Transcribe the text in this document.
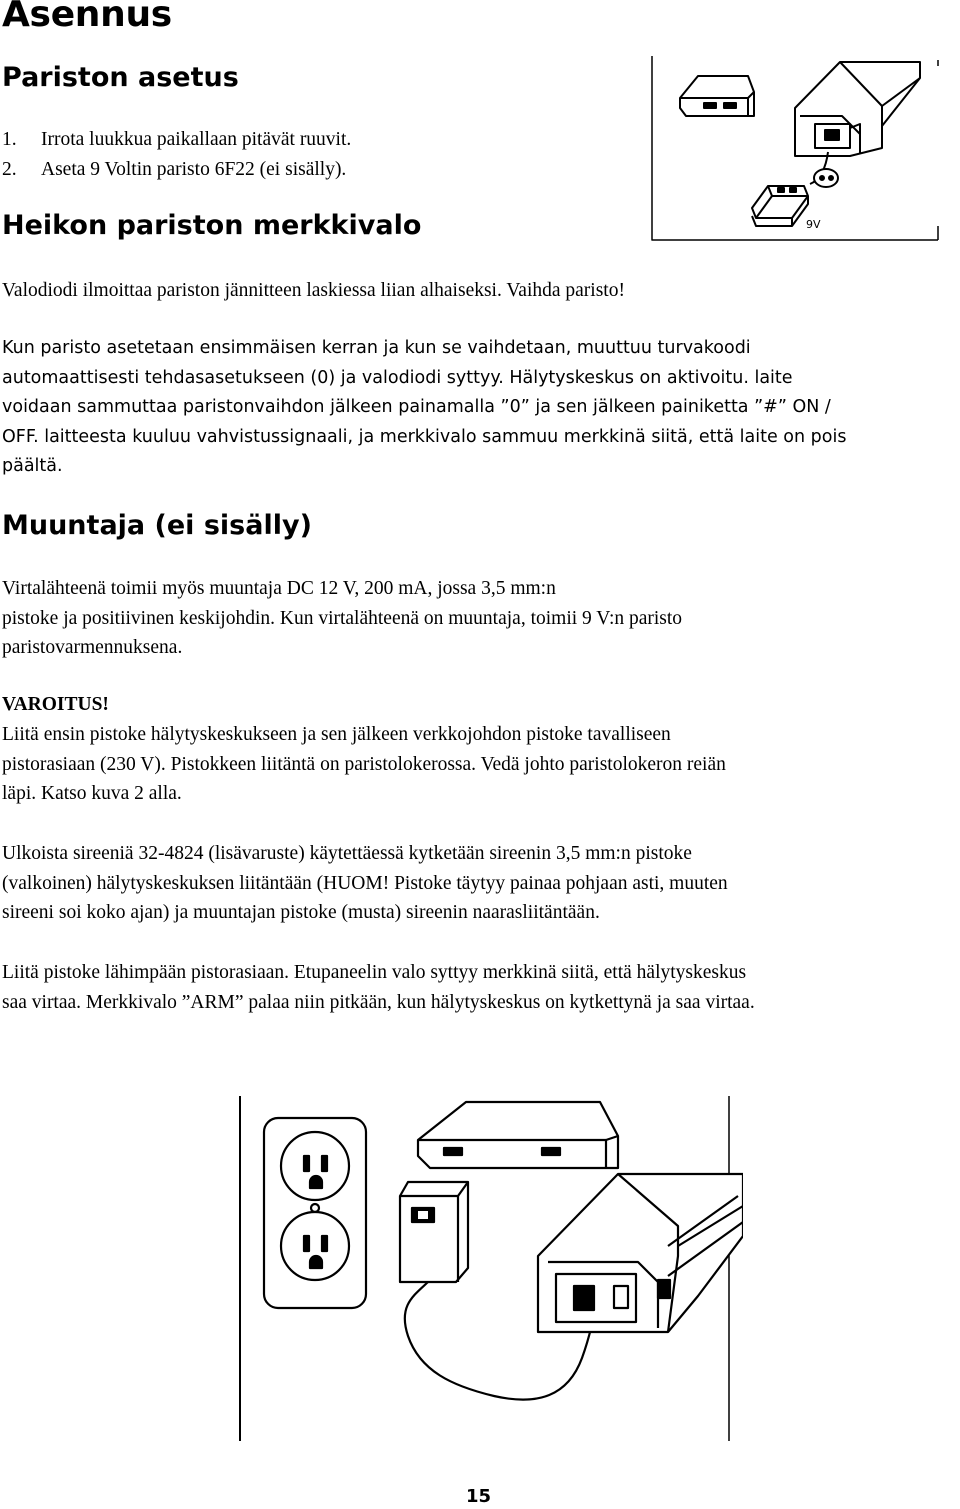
Asennus
Pariston asetus
1. Irrota luukkua paikallaan pitävät ruuvit.
2. Aseta 9 Voltin paristo 6F22 (ei sisälly).
Heikon pariston merkkivalo
Valodiodi ilmoittaa pariston jännitteen laskiessa liian alhaiseksi. Vaihda paristo!
Kun paristo asetetaan ensimmäisen kerran ja kun se vaihdetaan, muuttuu turvakoodi
automaattisesti tehdasasetukseen (0) ja valodiodi syttyy. Hälytyskeskus on aktivoitu. laite
voidaan sammuttaa paristonvaihdon jälkeen painamalla ”0” ja sen jälkeen painiketta ”#” ON /
OFF. laitteesta kuuluu vahvistussignaali, ja merkkivalo sammuu merkkinä siitä, että laite on pois
päältä.
Muuntaja (ei sisälly)
Virtalähteenä toimii myös muuntaja DC 12 V, 200 mA, jossa 3,5 mm:n
pistoke ja positiivinen keskijohdin. Kun virtalähteenä on muuntaja, toimii 9 V:n paristo
paristovarmennuksena.
VAROITUS!
Liitä ensin pistoke hälytyskeskukseen ja sen jälkeen verkkojohdon pistoke tavalliseen
pistorasiaan (230 V). Pistokkeen liitäntä on paristolokerossa. Vedä johto paristolokeron reiän
läpi. Katso kuva 2 alla.
Ulkoista sireeniä 32-4824 (lisävaruste) käytettäessä kytketään sireenin 3,5 mm:n pistoke
(valkoinen) hälytyskeskuksen liitäntään (HUOM! Pistoke täytyy painaa pohjaan asti, muuten
sireeni soi koko ajan) ja muuntajan pistoke (musta) sireenin naarasliitäntään.
Liitä pistoke lähimpään pistorasiaan. Etupaneelin valo syttyy merkkinä siitä, että hälytyskeskus
saa virtaa. Merkkivalo ”ARM” palaa niin pitkään, kun hälytyskeskus on kytkettynä ja saa virtaa.
9V
15
